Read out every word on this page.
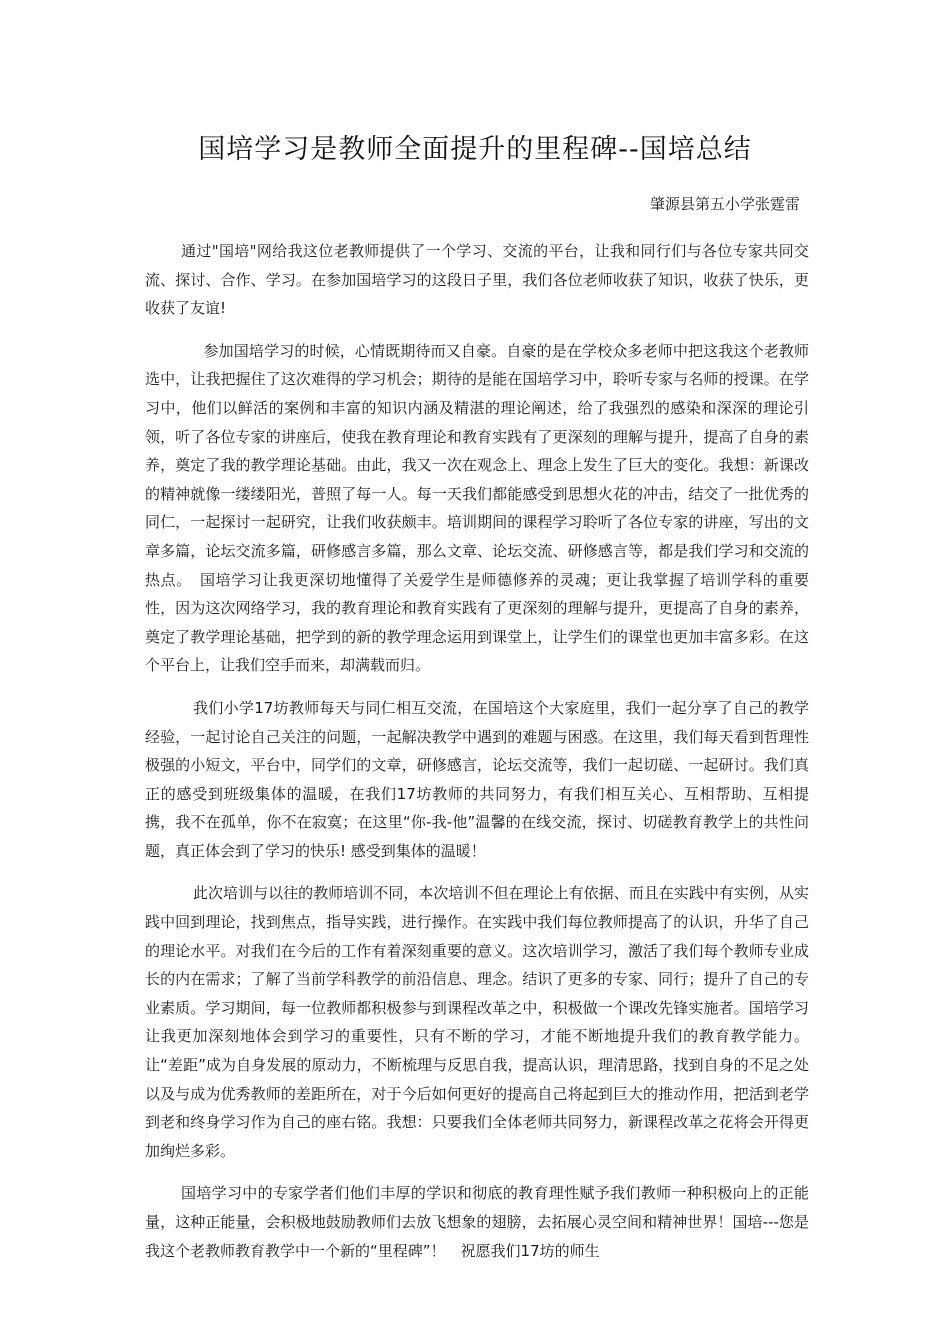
国培学习是教师全面提升的里程碑--国培总结
肇源县第五小学张霆雷

通过"国培"网给我这位老教师提供了一个学习、交流的平台，让我和同行们与各位专家共同交流、探讨、合作、学习。在参加国培学习的这段日子里，我们各位老师收获了知识，收获了快乐，更收获了友谊!

参加国培学习的时候，心情既期待而又自豪。自豪的是在学校众多老师中把这我这个老教师选中，让我把握住了这次难得的学习机会；期待的是能在国培学习中，聆听专家与名师的授课。在学习中，他们以鲜活的案例和丰富的知识内涵及精湛的理论阐述，给了我强烈的感染和深深的理论引领，听了各位专家的讲座后，使我在教育理论和教育实践有了更深刻的理解与提升，提高了自身的素养，奠定了我的教学理论基础。由此，我又一次在观念上、理念上发生了巨大的变化。我想：新课改的精神就像一缕缕阳光，普照了每一人。每一天我们都能感受到思想火花的冲击，结交了一批优秀的同仁，一起探讨一起研究，让我们收获颇丰。培训期间的课程学习聆听了各位专家的讲座，写出的文章多篇，论坛交流多篇，研修感言多篇，那么文章、论坛交流、研修感言等，都是我们学习和交流的热点。　国培学习让我更深切地懂得了关爱学生是师德修养的灵魂；更让我掌握了培训学科的重要性，因为这次网络学习，我的教育理论和教育实践有了更深刻的理解与提升，更提高了自身的素养，奠定了教学理论基础，把学到的新的教学理念运用到课堂上，让学生们的课堂也更加丰富多彩。在这个平台上，让我们空手而来，却满载而归。

我们小学17坊教师每天与同仁相互交流，在国培这个大家庭里，我们一起分享了自己的教学经验，一起讨论自己关注的问题，一起解决教学中遇到的难题与困惑。在这里，我们每天看到哲理性极强的小短文，平台中，同学们的文章，研修感言，论坛交流等，我们一起切磋、一起研讨。我们真正的感受到班级集体的温暖，在我们17坊教师的共同努力，有我们相互关心、互相帮助、互相提携，我不在孤单，你不在寂寞；在这里“你-我-他”温馨的在线交流，探讨、切磋教育教学上的共性问题，真正体会到了学习的快乐! 感受到集体的温暖！

此次培训与以往的教师培训不同，本次培训不但在理论上有依据、而且在实践中有实例，从实践中回到理论，找到焦点，指导实践，进行操作。在实践中我们每位教师提高了的认识，升华了自己的理论水平。对我们在今后的工作有着深刻重要的意义。这次培训学习，激活了我们每个教师专业成长的内在需求；了解了当前学科教学的前沿信息、理念。结识了更多的专家、同行；提升了自己的专业素质。学习期间，每一位教师都积极参与到课程改革之中，积极做一个课改先锋实施者。国培学习让我更加深刻地体会到学习的重要性，只有不断的学习，才能不断地提升我们的教育教学能力。让“差距”成为自身发展的原动力，不断梳理与反思自我，提高认识，理清思路，找到自身的不足之处以及与成为优秀教师的差距所在，对于今后如何更好的提高自己将起到巨大的推动作用，把活到老学到老和终身学习作为自己的座右铭。我想：只要我们全体老师共同努力，新课程改革之花将会开得更加绚烂多彩。

国培学习中的专家学者们他们丰厚的学识和彻底的教育理性赋予我们教师一种积极向上的正能量，这种正能量，会积极地鼓励教师们去放飞想象的翅膀，去拓展心灵空间和精神世界！国培---您是我这个老教师教育教学中一个新的“里程碑”！　祝愿我们17坊的师生
